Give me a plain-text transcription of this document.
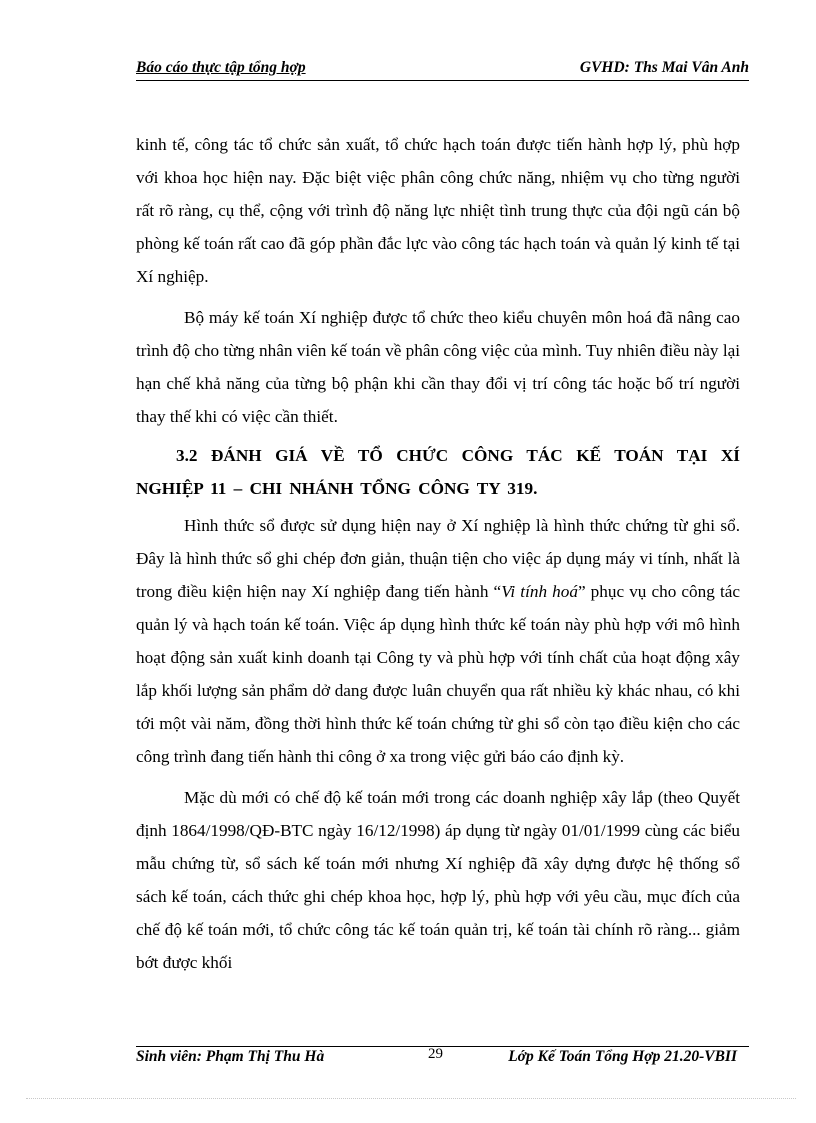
Báo cáo thực tập tổng hợp	GVHD: Ths Mai Vân Anh

kinh tế, công tác tổ chức sản xuất, tổ chức hạch toán được tiến hành hợp lý, phù hợp với khoa học hiện nay. Đặc biệt việc phân công chức năng, nhiệm vụ cho từng người rất rõ ràng, cụ thể, cộng với trình độ năng lực nhiệt tình trung thực của đội ngũ cán bộ phòng kế toán rất cao đã góp phần đắc lực vào công tác hạch toán và quản lý kinh tế tại Xí nghiệp.

Bộ máy kế toán Xí nghiệp được tổ chức theo kiểu chuyên môn hoá đã nâng cao trình độ cho từng nhân viên kế toán về phân công việc của mình. Tuy nhiên điều này lại hạn chế khả năng của từng bộ phận khi cần thay đổi vị trí công tác hoặc bố trí người thay thế khi có việc cần thiết.

3.2 ĐÁNH GIÁ VỀ TỔ CHỨC CÔNG TÁC KẾ TOÁN TẠI XÍ NGHIỆP 11 – CHI NHÁNH TỔNG CÔNG TY 319.

Hình thức sổ được sử dụng hiện nay ở Xí nghiệp là hình thức chứng từ ghi sổ. Đây là hình thức sổ ghi chép đơn giản, thuận tiện cho việc áp dụng máy vi tính, nhất là trong điều kiện hiện nay Xí nghiệp đang tiến hành “Vi tính hoá” phục vụ cho công tác quản lý và hạch toán kế toán. Việc áp dụng hình thức kế toán này phù hợp với mô hình hoạt động sản xuất kinh doanh tại Công ty và phù hợp với tính chất của hoạt động xây lắp khối lượng sản phẩm dở dang được luân chuyển qua rất nhiều kỳ khác nhau, có khi tới một vài năm, đồng thời hình thức kế toán chứng từ ghi sổ còn tạo điều kiện cho các công trình đang tiến hành thi công ở xa trong việc gửi báo cáo định kỳ.

Mặc dù mới có chế độ kế toán mới trong các doanh nghiệp xây lắp (theo Quyết định 1864/1998/QĐ-BTC ngày 16/12/1998) áp dụng từ ngày 01/01/1999 cùng các biểu mẫu chứng từ, sổ sách kế toán mới nhưng Xí nghiệp đã xây dựng được hệ thống sổ sách kế toán, cách thức ghi chép khoa học, hợp lý, phù hợp với yêu cầu, mục đích của chế độ kế toán mới, tổ chức công tác kế toán quản trị, kế toán tài chính rõ ràng... giảm bớt được khối

Sinh viên: Phạm Thị Thu Hà	29	Lớp Kế Toán Tổng Hợp 21.20-VBII
